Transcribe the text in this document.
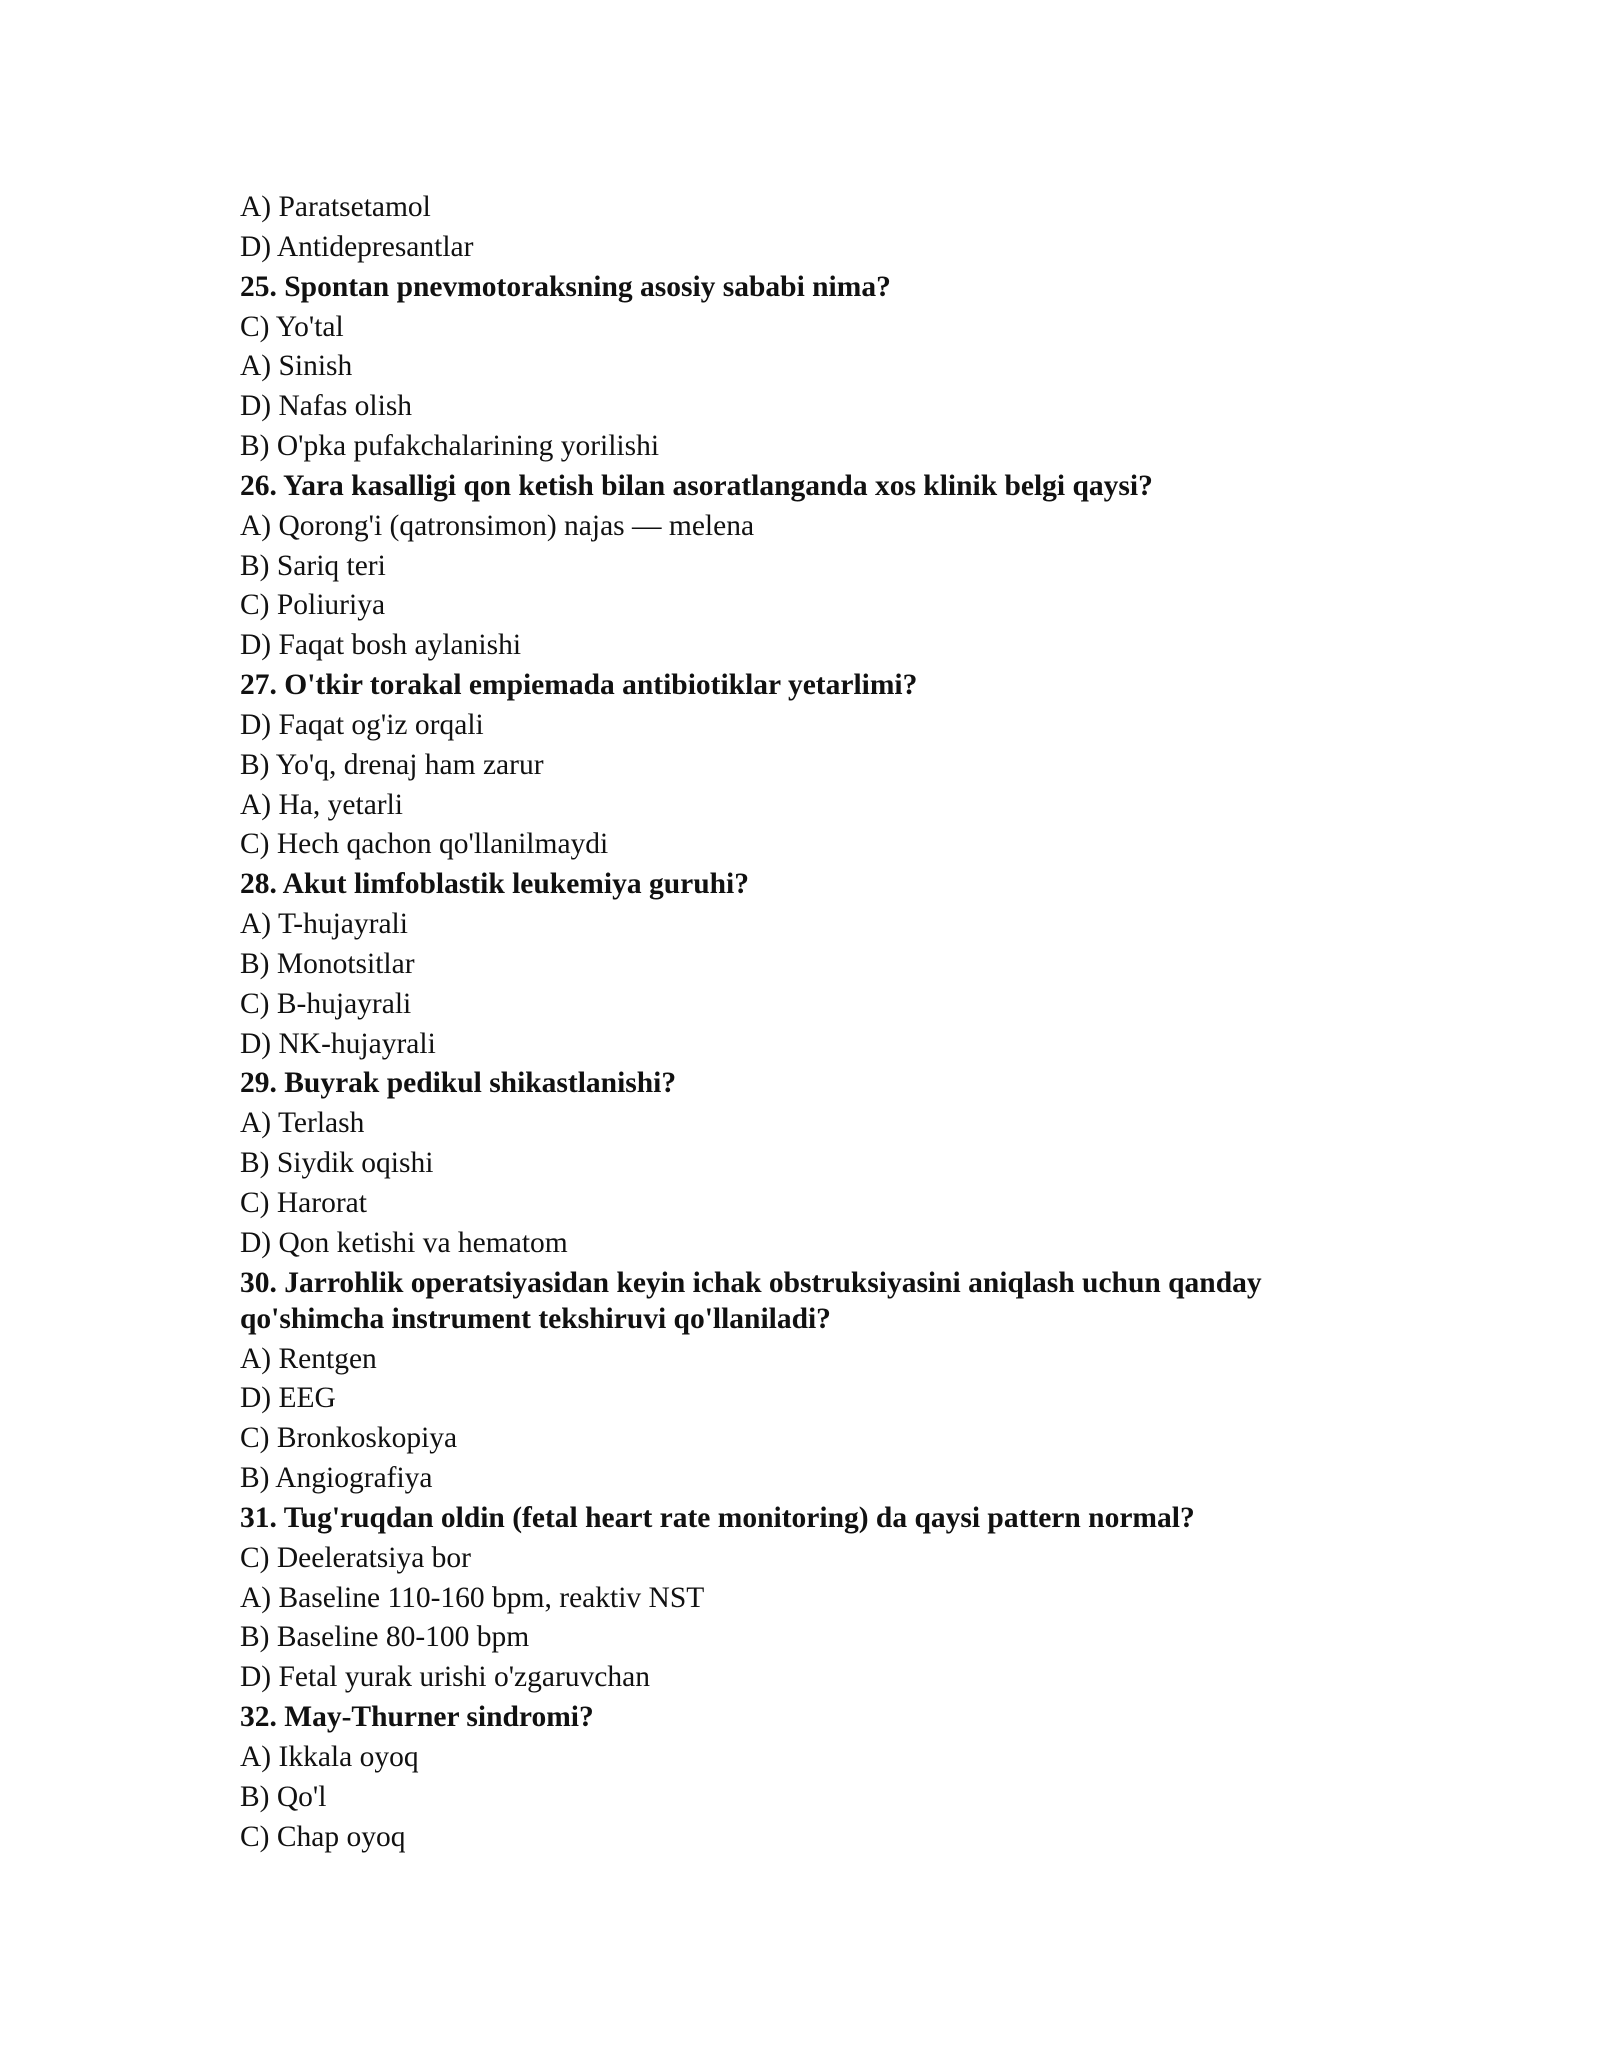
A) Paratsetamol

D) Antidepresantlar

25. Spontan pnevmotoraksning asosiy sababi nima?

C) Yo'tal

A) Sinish

D) Nafas olish

B) O'pka pufakchalarining yorilishi

26. Yara kasalligi qon ketish bilan asoratlanganda xos klinik belgi qaysi?

A) Qorong'i (qatronsimon) najas — melena

B) Sariq teri

C) Poliuriya

D) Faqat bosh aylanishi

27. O'tkir torakal empiemada antibiotiklar yetarlimi?

D) Faqat og'iz orqali

B) Yo'q, drenaj ham zarur

A) Ha, yetarli

C) Hech qachon qo'llanilmaydi

28. Akut limfoblastik leukemiya guruhi?

A) T-hujayrali

B) Monotsitlar

C) B-hujayrali

D) NK-hujayrali

29. Buyrak pedikul shikastlanishi?

A) Terlash

B) Siydik oqishi

C) Harorat

D) Qon ketishi va hematom

30. Jarrohlik operatsiyasidan keyin ichak obstruksiyasini aniqlash uchun qanday qo'shimcha instrument tekshiruvi qo'llaniladi?

A) Rentgen

D) EEG

C) Bronkoskopiya

B) Angiografiya

31. Tug'ruqdan oldin (fetal heart rate monitoring) da qaysi pattern normal?

C) Deeleratsiya bor

A) Baseline 110-160 bpm, reaktiv NST

B) Baseline 80-100 bpm

D) Fetal yurak urishi o'zgaruvchan

32. May-Thurner sindromi?

A) Ikkala oyoq

B) Qo'l

C) Chap oyoq
